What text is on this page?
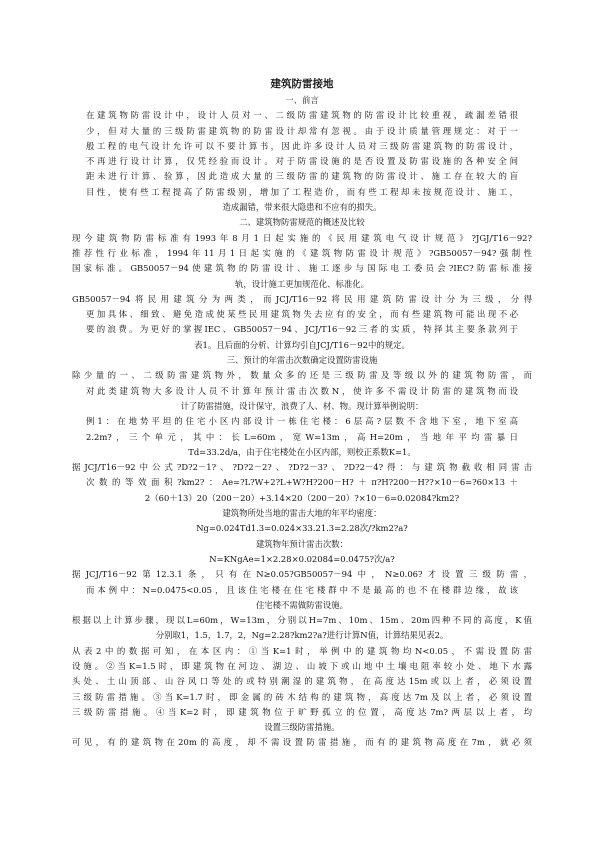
建筑防雷接地
一、前言
在建筑物防雷设计中，设计人员对一、二级防雷建筑物的防雷设计比较重视，疏漏差错很
少，但对大量的三级防雷建筑物的防雷设计却常有忽视。由于设计质量管理规定：对于一
般工程的电气设计允许可以不要计算书，因此许多设计人员对三级防雷建筑物的防雷设计，
不再进行设计计算，仅凭经验而设计。对于防雷设施的是否设置及防雷设施的各种安全间
距未进行计算、验算，因此造成大量的三级防雷的建筑物的防雷设计、施工存在较大的盲
目性，使有些工程提高了防雷级别，增加了工程造价，而有些工程却未按规范设计、施工，
造成漏错，带来很大隐患和不应有的损失。
二、建筑物防雷规范的概述及比较
现今建筑物防雷标准有1993年8月1日起实施的《民用建筑电气设计规范》?JGJ/T16－92?
推荐性行业标准，1994年11月1日起实施的《建筑物防雷设计规范》?GB50057－94?强制性
国家标准。GB50057－94使建筑物的防雷设计、施工逐步与国际电工委员会?IEC?防雷标准接
轨，设计施工更加规范化、标准化。
GB50057－94将民用建筑分为两类，而JCJ/T16－92将民用建筑防雷设计分为三级，分得
更加具体、细致、避免造成使某些民用建筑物失去应有的安全，而有些建筑物可能出现不必
要的浪费。为更好的掌握IEC、GB50057－94、JCJ/T16－92三者的实质，特择其主要条款列于
表1。且后面的分析、计算均引自JCJ/T16－92中的规定。
三、预计的年雷击次数确定设置防雷设施
除少量的一、二级防雷建筑物外，数量众多的还是三级防雷及等级以外的建筑物防雷，而
对此类建筑物大多设计人员不计算年预计雷击次数N，使许多不需设计防雷的建筑物而设
计了防雷措施，设计保守，浪费了人、材、物。现计算举例说明：
例1：在地势平坦的住宅小区内部设计一栋住宅楼：6层高?层数不含地下室，地下室高
2.2m?，三个单元，其中：长L=60m，宽W=13m，高H=20m，当地年平均雷暴日
Td=33.2d/a，由于住宅楼处在小区内部，则校正系数K=1。
据JCJ/T16－92中公式?D?2－1?、?D?2－2?、?D?2－3?、?D?2－4?得：与建筑物截收相同雷击
次数的等效面积?km2?：Ae=?L?W+2?L+W?H?200－H?＋π?H?200－H??×10－6=?60×13＋
2（60＋13）20（200－20）+3.14×20（200－20）?×10－6=0.02084?km2?
建筑物所处当地的雷击大地的年平均密度：
Ng=0.024Td1.3=0.024×33.21.3=2.28次/?km2?a?
建筑物年预计雷击次数：
N=KNgAe=1×2.28×0.02084=0.0475?次/a?
据JCJ/T16－92第12.3.1条，只有在N≥0.05?GB50057－94中，N≥0.06?才设置三级防雷，
而本例中：N=0.0475<0.05，且该住宅楼在住宅楼群中不是最高的也不在楼群边缘，故该
住宅楼不需做防雷设施。
根据以上计算步骤，现以L=60m，W=13m，分别以H=7m、10m、15m、20m四种不同的高度，K值
分别取1，1.5，1.7，2，Ng=2.28?km2?a?进行计算N值，计算结果见表2。
从表2中的数据可知，在本区内：①当K=1时，举例中的建筑物均N<0.05，不需设置防雷
设施。②当K=1.5时，即建筑物在河边、湖边、山坡下或山地中土壤电阻率较小处、地下水露
头处、土山顶部、山谷风口等处的或特别潮湿的建筑物，在高度达15m或以上者，必须设置
三级防雷措施。③当K=1.7时，即金属的砖木结构的建筑物，高度达7m及以上者，必须设置
三级防雷措施。④当K=2时，即建筑物位于旷野孤立的位置，高度达7m?两层以上者，均
设置三级防雷措施。
可见，有的建筑物在20m的高度，却不需设置防雷措施，而有的建筑物高度在7m，就必须
